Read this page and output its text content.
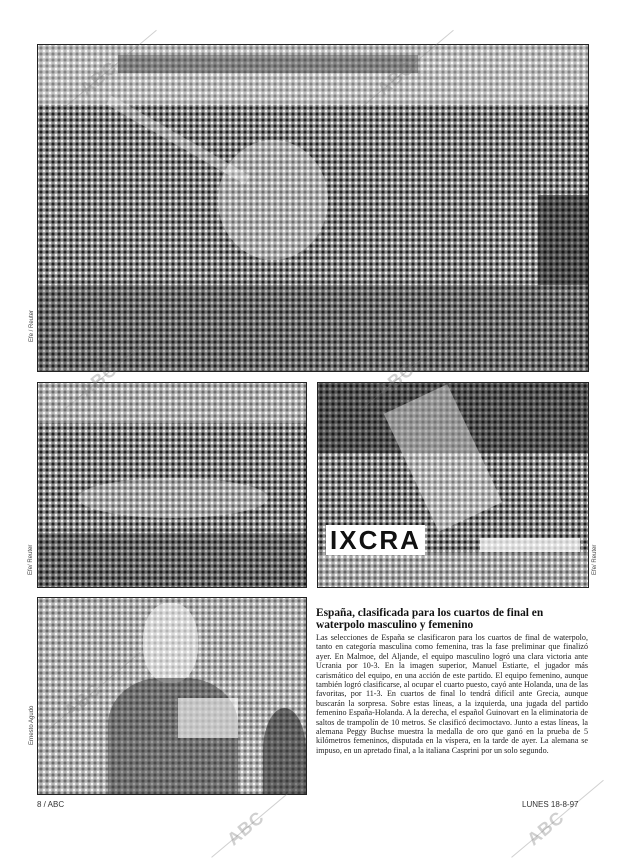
Efe / Reuter
Efe/ Reuter
IXCRA
Efe/ Reuter
Ernesto Agudo
ABC	ABC
ABC	ABC
ABC
ABC	ABC
España, clasificada para los cuartos de final en waterpolo masculino y femenino

Las selecciones de España se clasificaron para los cuartos de final de waterpolo, tanto en categoría masculina como femenina, tras la fase preliminar que finalizó ayer. En Malmoe, del Aljande, el equipo masculino logró una clara victoria ante Ucrania por 10-3. En la imagen superior, Manuel Estiarte, el jugador más carismático del equipo, en una acción de este partido. El equipo femenino, aunque también logró clasificarse, al ocupar el cuarto puesto, cayó ante Holanda, una de las favoritas, por 11-3. En cuartos de final lo tendrá difícil ante Grecia, aunque buscarán la sorpresa. Sobre estas líneas, a la izquierda, una jugada del partido femenino España-Holanda. A la derecha, el español Guinovart en la eliminatoria de saltos de trampolín de 10 metros. Se clasificó decimoctavo. Junto a estas líneas, la alemana Peggy Buchse muestra la medalla de oro que ganó en la prueba de 5 kilómetros femeninos, disputada en la víspera, en la tarde de ayer. La alemana se impuso, en un apretado final, a la italiana Casprini por un solo segundo.

8 / ABC	LUNES 18-8-97
